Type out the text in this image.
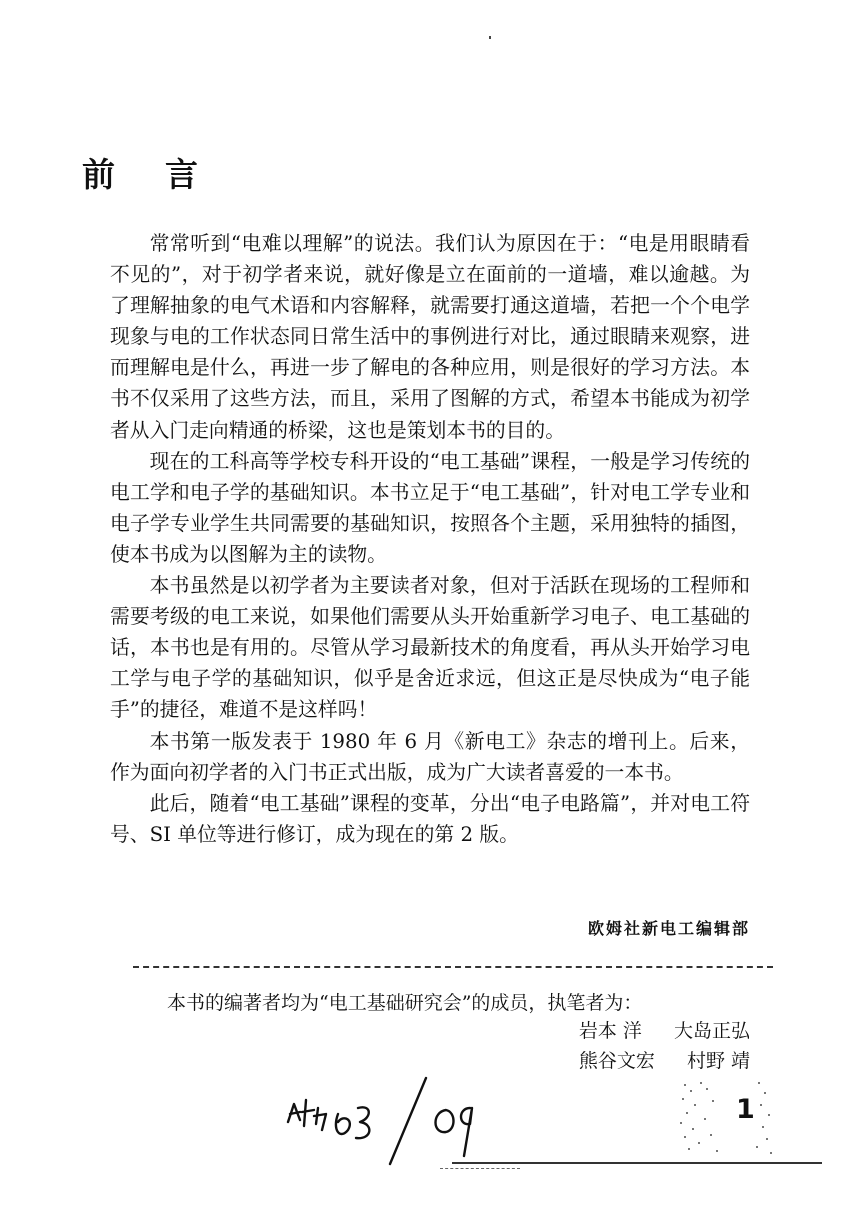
前言

常常听到“电难以理解”的说法。我们认为原因在于：“电是用眼睛看不见的”，对于初学者来说，就好像是立在面前的一道墙，难以逾越。为了理解抽象的电气术语和内容解释，就需要打通这道墙，若把一个个电学现象与电的工作状态同日常生活中的事例进行对比，通过眼睛来观察，进而理解电是什么，再进一步了解电的各种应用，则是很好的学习方法。本书不仅采用了这些方法，而且，采用了图解的方式，希望本书能成为初学者从入门走向精通的桥梁，这也是策划本书的目的。

现在的工科高等学校专科开设的“电工基础”课程，一般是学习传统的电工学和电子学的基础知识。本书立足于“电工基础”，针对电工学专业和电子学专业学生共同需要的基础知识，按照各个主题，采用独特的插图，使本书成为以图解为主的读物。

本书虽然是以初学者为主要读者对象，但对于活跃在现场的工程师和需要考级的电工来说，如果他们需要从头开始重新学习电子、电工基础的话，本书也是有用的。尽管从学习最新技术的角度看，再从头开始学习电工学与电子学的基础知识，似乎是舍近求远，但这正是尽快成为“电子能手”的捷径，难道不是这样吗！

本书第一版发表于 1980 年 6 月《新电工》杂志的增刊上。后来，作为面向初学者的入门书正式出版，成为广大读者喜爱的一本书。

此后，随着“电工基础”课程的变革，分出“电子电路篇”，并对电工符号、SI 单位等进行修订，成为现在的第 2 版。

欧姆社新电工编辑部
本书的编著者均为“电工基础研究会”的成员，执笔者为：
岩本 洋 大岛正弘
熊谷文宏 村野 靖
1
